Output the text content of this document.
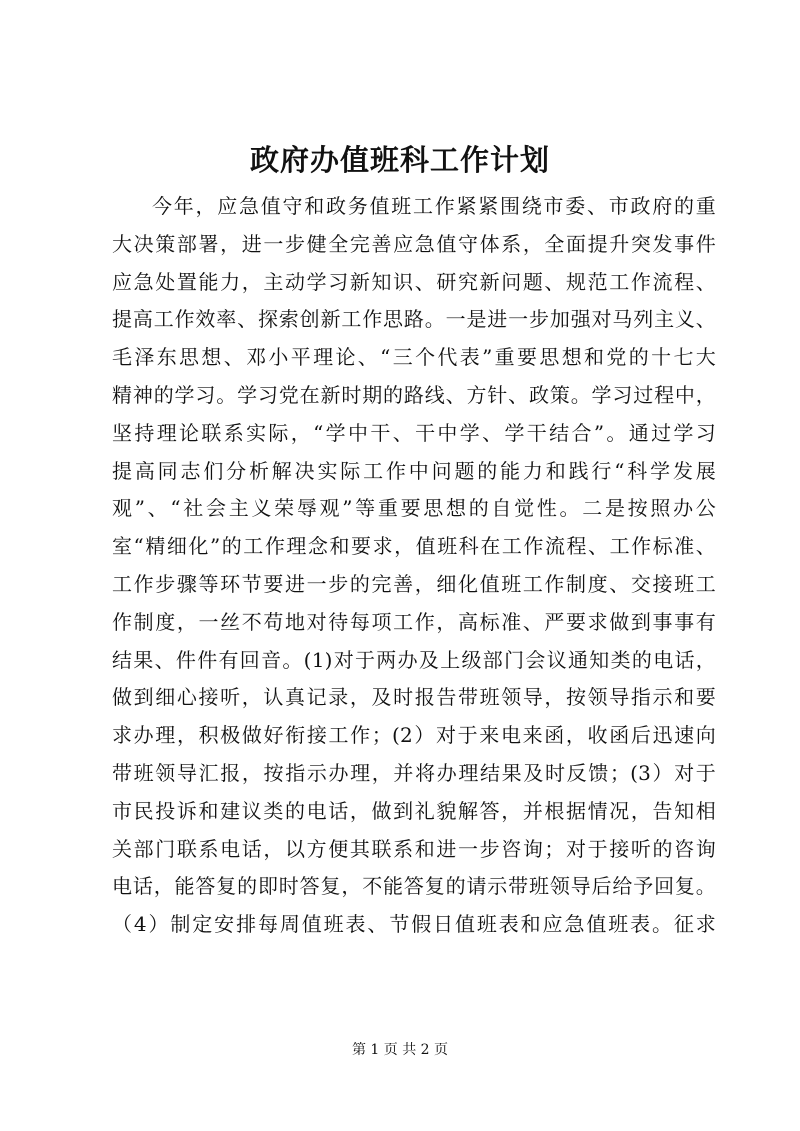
政府办值班科工作计划
今年，应急值守和政务值班工作紧紧围绕市委、市政府的重
大决策部署，进一步健全完善应急值守体系，全面提升突发事件
应急处置能力，主动学习新知识、研究新问题、规范工作流程、
提高工作效率、探索创新工作思路。一是进一步加强对马列主义、
毛泽东思想、邓小平理论、“三个代表”重要思想和党的十七大
精神的学习。学习党在新时期的路线、方针、政策。学习过程中，
坚持理论联系实际，“学中干、干中学、学干结合”。通过学习
提高同志们分析解决实际工作中问题的能力和践行“科学发展
观”、“社会主义荣辱观”等重要思想的自觉性。二是按照办公
室“精细化”的工作理念和要求，值班科在工作流程、工作标准、
工作步骤等环节要进一步的完善，细化值班工作制度、交接班工
作制度，一丝不苟地对待每项工作，高标准、严要求做到事事有
结果、件件有回音。(1)对于两办及上级部门会议通知类的电话，
做到细心接听，认真记录，及时报告带班领导，按领导指示和要
求办理，积极做好衔接工作；(2）对于来电来函，收函后迅速向
带班领导汇报，按指示办理，并将办理结果及时反馈；(3）对于
市民投诉和建议类的电话，做到礼貌解答，并根据情况，告知相
关部门联系电话，以方便其联系和进一步咨询；对于接听的咨询
电话，能答复的即时答复，不能答复的请示带班领导后给予回复。
（4）制定安排每周值班表、节假日值班表和应急值班表。征求
第 1 页 共 2 页
